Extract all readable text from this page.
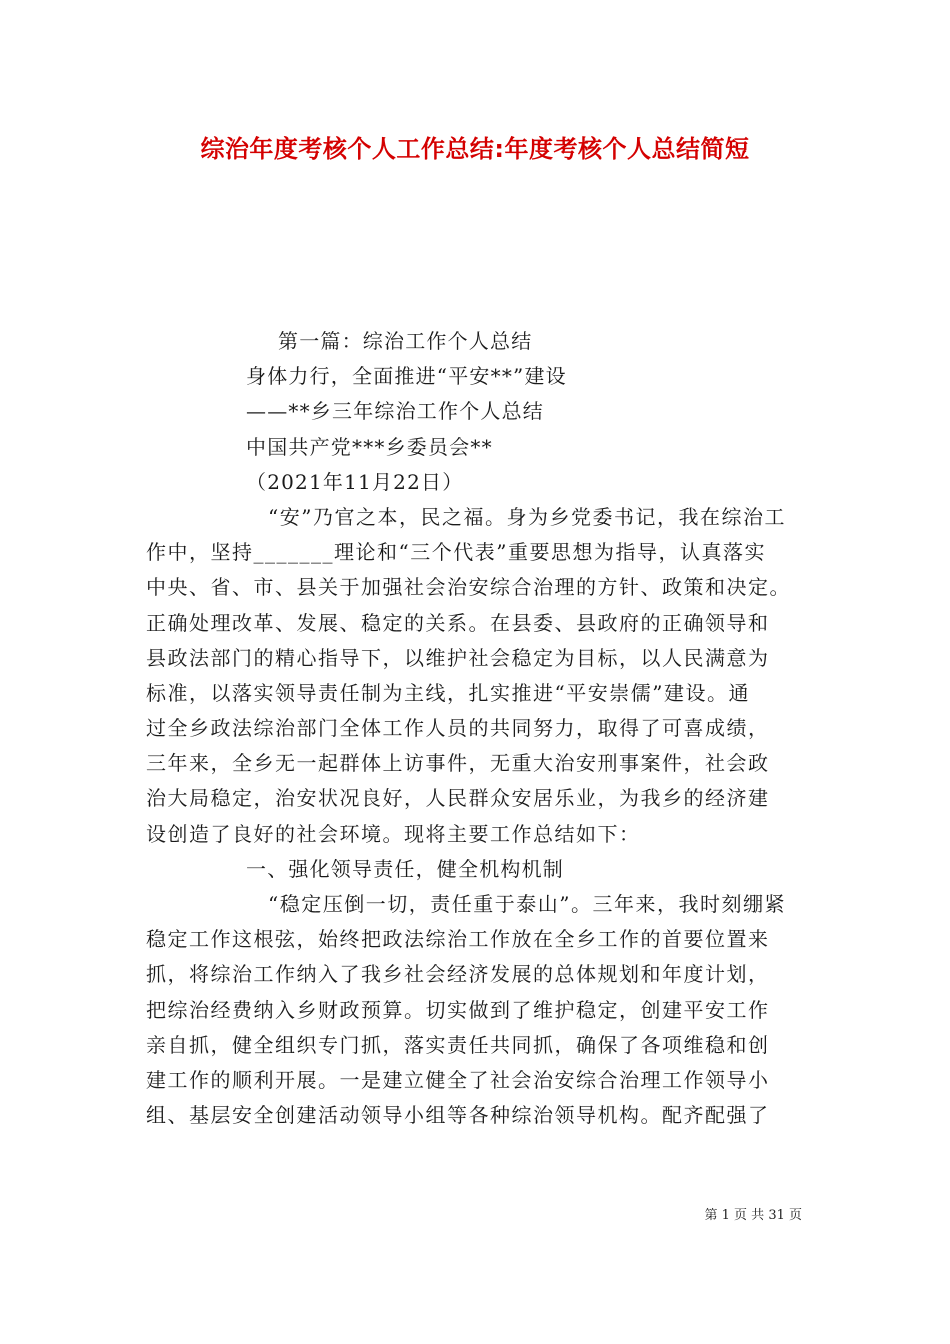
综治年度考核个人工作总结:年度考核个人总结简短
第一篇：综治工作个人总结
身体力行，全面推进“平安**”建设
——**乡三年综治工作个人总结
中国共产党***乡委员会**
（2021年11月22日）
“安”乃官之本，民之福。身为乡党委书记，我在综治工
作中，坚持_______理论和“三个代表”重要思想为指导，认真落实
中央、省、市、县关于加强社会治安综合治理的方针、政策和决定。
正确处理改革、发展、稳定的关系。在县委、县政府的正确领导和
县政法部门的精心指导下，以维护社会稳定为目标，以人民满意为
标准，以落实领导责任制为主线，扎实推进“平安崇儒”建设。通
过全乡政法综治部门全体工作人员的共同努力，取得了可喜成绩，
三年来，全乡无一起群体上访事件，无重大治安刑事案件，社会政
治大局稳定，治安状况良好，人民群众安居乐业，为我乡的经济建
设创造了良好的社会环境。现将主要工作总结如下：
一、强化领导责任，健全机构机制
“稳定压倒一切，责任重于泰山”。三年来，我时刻绷紧
稳定工作这根弦，始终把政法综治工作放在全乡工作的首要位置来
抓，将综治工作纳入了我乡社会经济发展的总体规划和年度计划，
把综治经费纳入乡财政预算。切实做到了维护稳定，创建平安工作
亲自抓，健全组织专门抓，落实责任共同抓，确保了各项维稳和创
建工作的顺利开展。一是建立健全了社会治安综合治理工作领导小
组、基层安全创建活动领导小组等各种综治领导机构。配齐配强了
第 1 页 共 31 页
